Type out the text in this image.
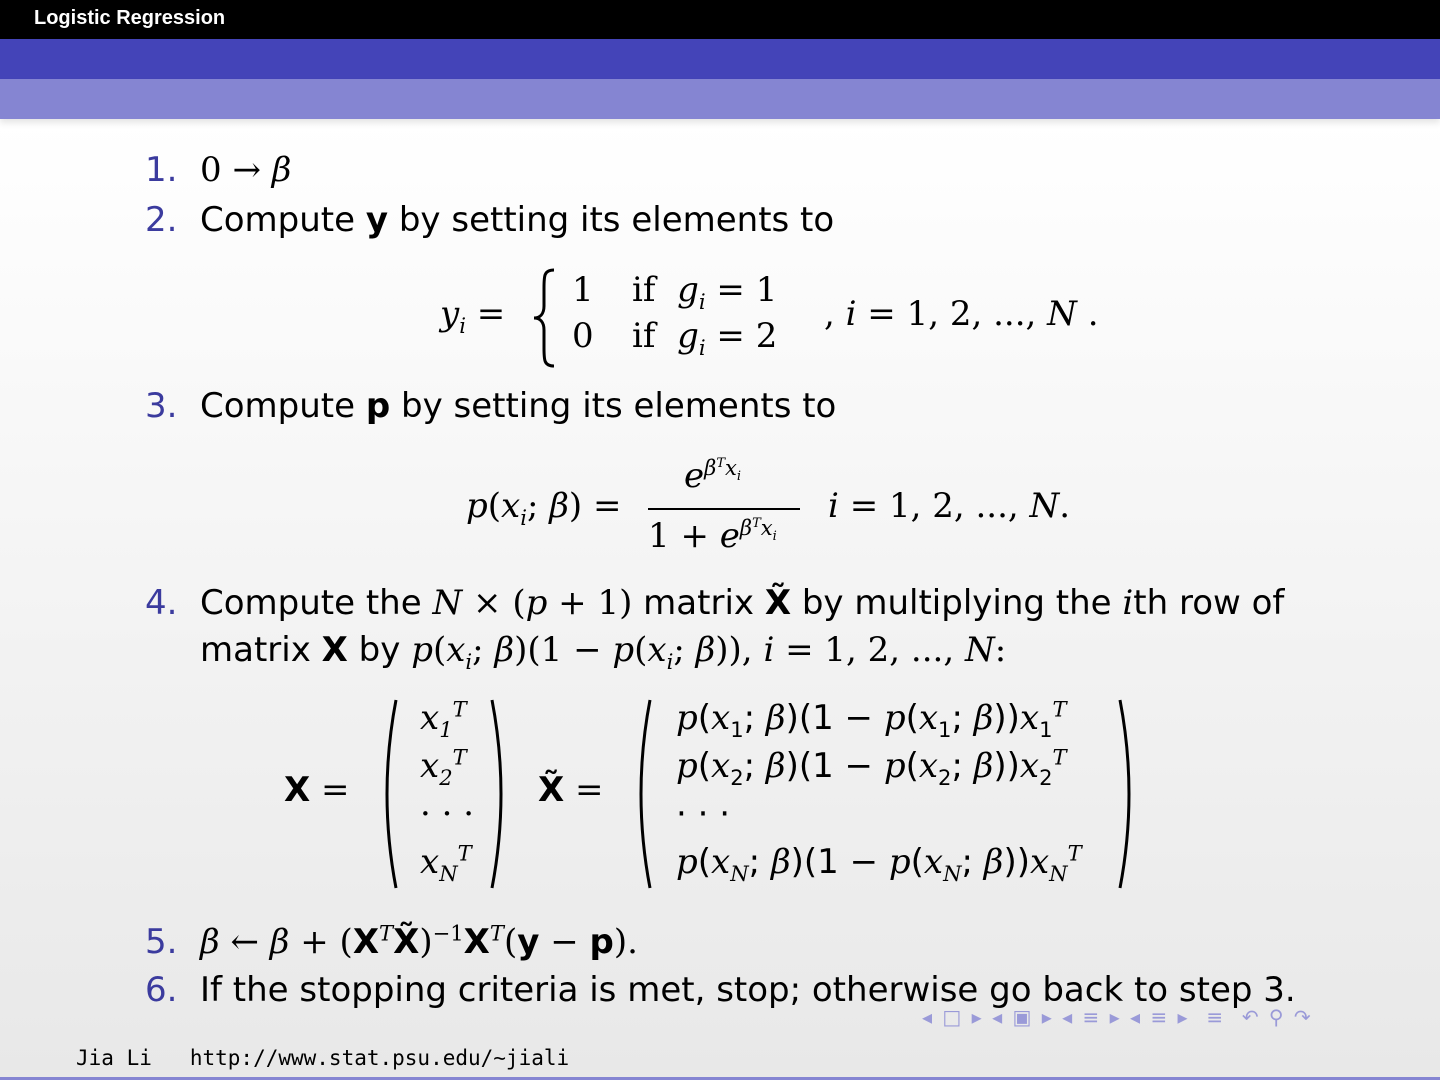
Logistic Regression
1. 0 → β
2. Compute y by setting its elements to
$y_i$ =
1 if  $g_i = 1$
0 if  $g_i = 2$
, i = 1, 2, ..., N .
3. Compute p by setting its elements to
$p(x_i$; β) =
$e^{\beta^Tx_i}$
$1 + e^{\beta^Tx_i}$
i = 1, 2, ..., N.
4. Compute the N × (p + 1) matrix X̃ by multiplying the ith row of
matrix X by $p(x_i$; $\beta)(1 - p(x_i$; β)), i = 1, 2, ..., N:
X =
$x_1^T$
$x_2^T$
· · ·
$x_N^T$
X̃ =
$p(x_1$; $\beta)(1 - p(x_1$; $\beta))x_1^T$
$p(x_2$; $\beta)(1 - p(x_2$; $\beta))x_2^T$
· · ·
$p(x_N$; $\beta)(1 - p(x_N$; $\beta))x_N^T$
5. β ← $\beta + (X^TX̃)^{-1}X^T(y - p)$.
6. If the stopping criteria is met, stop; otherwise go back to step 3.
◂ □ ▸ ◂ ▣ ▸ ◂ ≡ ▸ ◂ ≡ ▸  ≡  ↶ ⚲ ↷
Jia Li http://www.stat.psu.edu/∼jiali
